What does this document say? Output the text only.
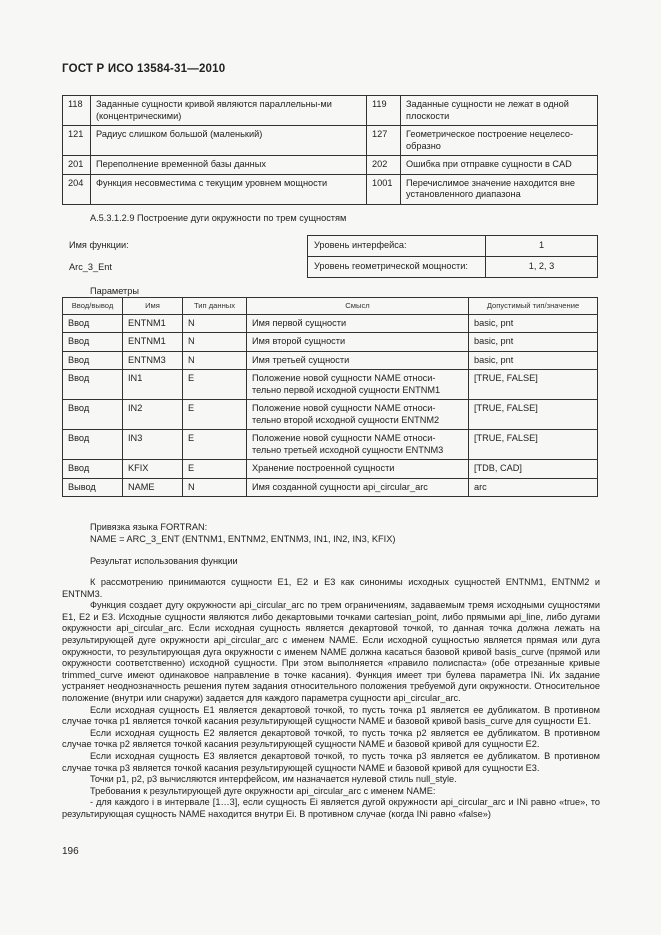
ГОСТ Р ИСО 13584-31—2010
118	Заданные сущности кривой являются параллельны-ми (концентрическими)	119	Заданные сущности не лежат в одной плоскости
121	Радиус слишком большой (маленький)	127	Геометрическое построение нецелесо-образно
201	Переполнение временной базы данных	202	Ошибка при отправке сущности в CAD
204	Функция несовместима с текущим уровнем мощности	1001	Перечислимое значение находится вне установленного диапазона
A.5.3.1.2.9 Построение дуги окружности по трем сущностям
Имя функции:
Arc_3_Ent
Уровень интерфейса:	1
Уровень геометрической мощности:	1, 2, 3
Параметры
Ввод/вывод	Имя	Тип данных	Смысл	Допустимый тип/значение
Ввод	ENTNM1	N	Имя первой сущности	basic, pnt
Ввод	ENTNM1	N	Имя второй сущности	basic, pnt
Ввод	ENTNM3	N	Имя третьей сущности	basic, pnt
Ввод	IN1	E	Положение новой сущности NAME относи-тельно первой исходной сущности ENTNM1	[TRUE, FALSE]
Ввод	IN2	E	Положение новой сущности NAME относи-тельно второй исходной сущности ENTNM2	[TRUE, FALSE]
Ввод	IN3	E	Положение новой сущности NAME относи-тельно третьей исходной сущности ENTNM3	[TRUE, FALSE]
Ввод	KFIX	E	Хранение построенной сущности	[TDB, CAD]
Вывод	NAME	N	Имя созданной сущности api_circular_arc	arc

Привязка языка FORTRAN:

NAME = ARC_3_ENT (ENTNM1, ENTNM2, ENTNM3, IN1, IN2, IN3, KFIX)

Результат использования функции

К рассмотрению принимаются сущности E1, E2 и E3 как синонимы исходных сущностей ENTNM1, ENTNM2 и ENTNM3.

Функция создает дугу окружности api_circular_arc по трем ограничениям, задаваемым тремя исходными сущностями E1, E2 и E3. Исходные сущности являются либо декартовыми точками cartesian_point, либо прямыми api_line, либо дугами окружности api_circular_arc. Если исходная сущность является декартовой точкой, то данная точка должна лежать на результирующей дуге окружности api_circular_arc с именем NAME. Если исходной сущностью является прямая или дуга окружности, то результирующая дуга окружности с именем NAME должна касаться базовой кривой basis_curve (прямой или окружности соответственно) исходной сущности. При этом выполняется «правило полиспаста» (обе отрезанные кривые trimmed_curve имеют одинаковое направление в точке касания). Функция имеет три булева параметра INi. Их задание устраняет неоднозначность решения путем задания относительного положения требуемой дуги окружности. Относительное положение (внутри или снаружи) задается для каждого параметра сущности api_circular_arc.

Если исходная сущность E1 является декартовой точкой, то пусть точка p1 является ее дубликатом. В противном случае точка p1 является точкой касания результирующей сущности NAME и базовой кривой basis_curve для сущности E1.

Если исходная сущность E2 является декартовой точкой, то пусть точка p2 является ее дубликатом. В противном случае точка p2 является точкой касания результирующей сущности NAME и базовой кривой для сущности E2.

Если исходная сущность E3 является декартовой точкой, то пусть точка p3 является ее дубликатом. В противном случае точка p3 является точкой касания результирующей сущности NAME и базовой кривой для сущности E3.

Точки p1, p2, p3 вычисляются интерфейсом, им назначается нулевой стиль null_style.

Требования к результирующей дуге окружности api_circular_arc с именем NAME:

- для каждого i в интервале [1…3], если сущность Ei является дугой окружности api_circular_arc и INi равно «true», то результирующая сущность NAME находится внутри Ei. В противном случае (когда INi равно «false»)

196
